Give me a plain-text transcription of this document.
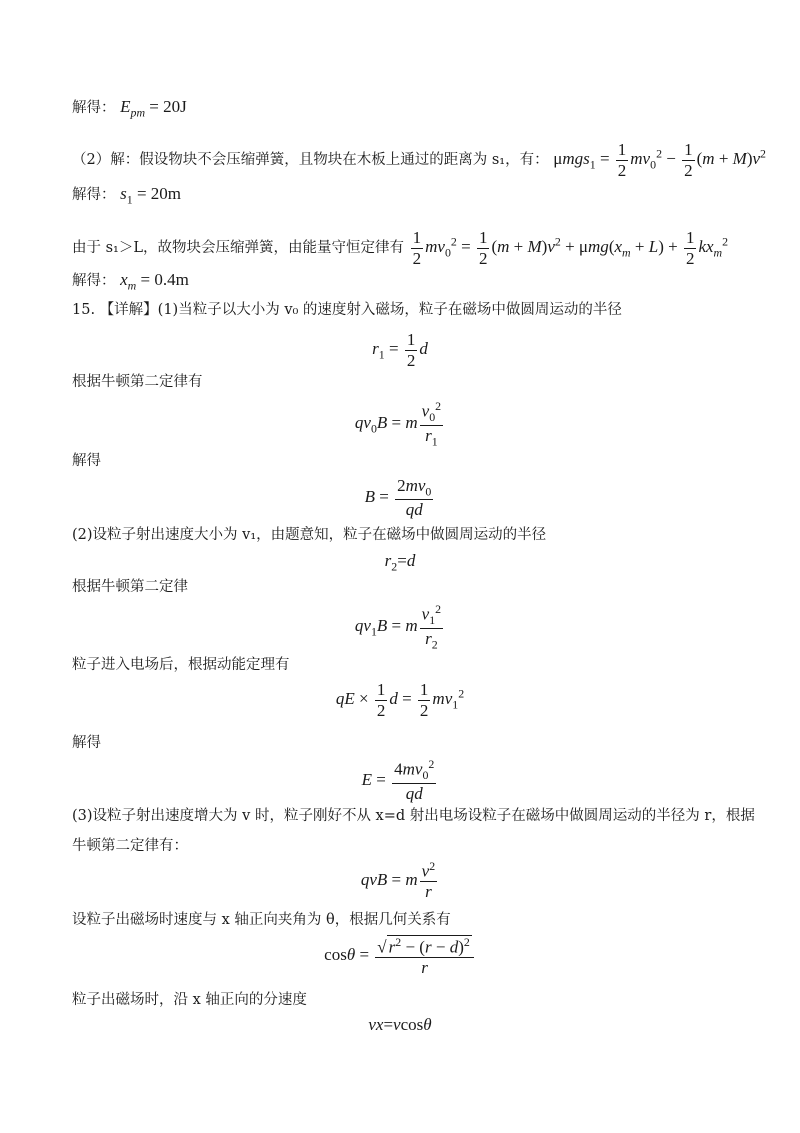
解得： $E_{pm} = 20J$
（2）解：假设物块不会压缩弹簧，且物块在木板上通过的距离为 s₁，有： $\mu mgs_1 = \frac{1}{2} mv_0^2 - \frac{1}{2} (m + M)v^2$
解得： $s_1 = 20m$
由于 s₁＞L，故物块会压缩弹簧，由能量守恒定律有 $\frac{1}{2} mv_0^2 = \frac{1}{2} (m + M)v^2 + \mu mg(x_m + L) + \frac{1}{2} kx_m^2$
解得： $x_m = 0.4m$
15. 【详解】(1)当粒子以大小为 v₀ 的速度射入磁场，粒子在磁场中做圆周运动的半径
$r_1 = \frac{1}{2}$ d
根据牛顿第二定律有
$qv_0B = m \frac{v_0^2}{r_1}$
解得
$B = \frac{2mv_0}{qd}$
(2)设粒子射出速度大小为 v₁，由题意知，粒子在磁场中做圆周运动的半径
$r_2=d$
根据牛顿第二定律
$qv_1B = m \frac{v_1^2}{r_2}$
粒子进入电场后，根据动能定理有
qE × $\frac{1}{2}$ $d = \frac{1}{2} mv_1^2$
解得
$E = \frac{4mv_0^2}{qd}$
(3)设粒子射出速度增大为 v 时，粒子刚好不从 x=d 射出电场设粒子在磁场中做圆周运动的半径为 r，根据
牛顿第二定律有：
qvB = m $\frac{v^2}{r}$
设粒子出磁场时速度与 x 轴正向夹角为 θ，根据几何关系有
$\cos\theta = \frac{√ r^2 - (r - d)^2}{r}$
粒子出磁场时，沿 x 轴正向的分速度
vx=vcosθ
